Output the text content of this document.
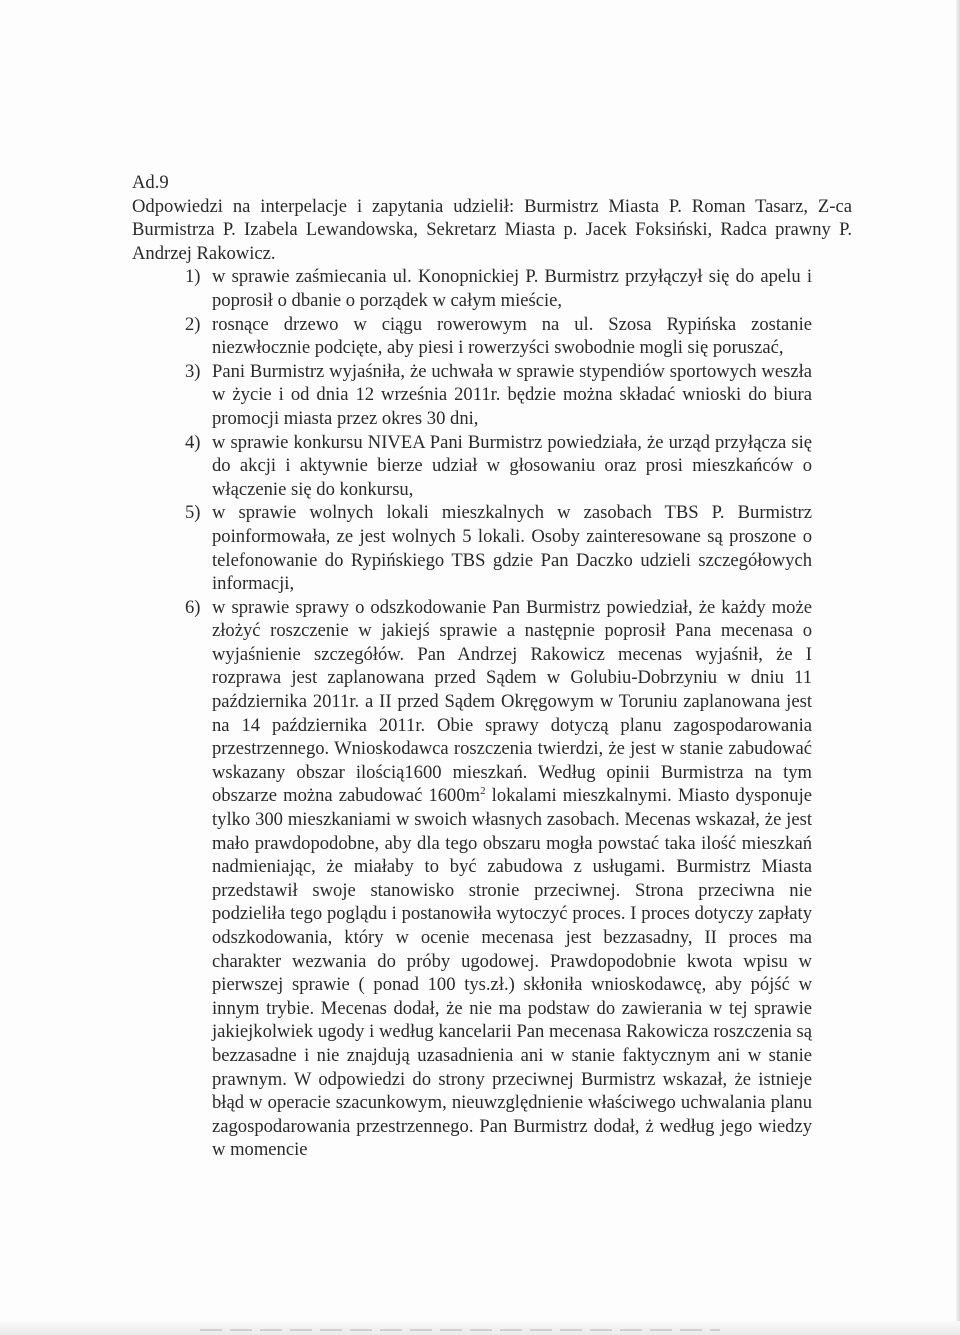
Ad.9

Odpowiedzi na interpelacje i zapytania udzielił: Burmistrz Miasta P. Roman Tasarz, Z-ca Burmistrza P. Izabela Lewandowska, Sekretarz Miasta p. Jacek Foksiński, Radca prawny P. Andrzej Rakowicz.

1) w sprawie zaśmiecania ul. Konopnickiej P. Burmistrz przyłączył się do apelu i poprosił o dbanie o porządek w całym mieście,
2) rosnące drzewo w ciągu rowerowym na ul. Szosa Rypińska zostanie niezwłocznie podcięte, aby piesi i rowerzyści swobodnie mogli się poruszać,
3) Pani Burmistrz wyjaśniła, że uchwała w sprawie stypendiów sportowych weszła w życie i od dnia 12 września 2011r. będzie można składać wnioski do biura promocji miasta przez okres 30 dni,
4) w sprawie konkursu NIVEA Pani Burmistrz powiedziała, że urząd przyłącza się do akcji i aktywnie bierze udział w głosowaniu oraz prosi mieszkańców o włączenie się do konkursu,
5) w sprawie wolnych lokali mieszkalnych w zasobach TBS P. Burmistrz poinformowała, ze jest wolnych 5 lokali. Osoby zainteresowane są proszone o telefonowanie do Rypińskiego TBS gdzie Pan Daczko udzieli szczegółowych informacji,
6) w sprawie sprawy o odszkodowanie Pan Burmistrz powiedział, że każdy może złożyć roszczenie w jakiejś sprawie a następnie poprosił Pana mecenasa o wyjaśnienie szczegółów. Pan Andrzej Rakowicz mecenas wyjaśnił, że I rozprawa jest zaplanowana przed Sądem w Golubiu-Dobrzyniu w dniu 11 października 2011r. a II przed Sądem Okręgowym w Toruniu zaplanowana jest na 14 października 2011r. Obie sprawy dotyczą planu zagospodarowania przestrzennego. Wnioskodawca roszczenia twierdzi, że jest w stanie zabudować wskazany obszar ilością1600 mieszkań. Według opinii Burmistrza na tym obszarze można zabudować $1600m^2$ lokalami mieszkalnymi. Miasto dysponuje tylko 300 mieszkaniami w swoich własnych zasobach. Mecenas wskazał, że jest mało prawdopodobne, aby dla tego obszaru mogła powstać taka ilość mieszkań nadmieniając, że miałaby to być zabudowa z usługami. Burmistrz Miasta przedstawił swoje stanowisko stronie przeciwnej. Strona przeciwna nie podzieliła tego poglądu i postanowiła wytoczyć proces. I proces dotyczy zapłaty odszkodowania, który w ocenie mecenasa jest bezzasadny, II proces ma charakter wezwania do próby ugodowej. Prawdopodobnie kwota wpisu w pierwszej sprawie ( ponad 100 tys.zł.) skłoniła wnioskodawcę, aby pójść w innym trybie. Mecenas dodał, że nie ma podstaw do zawierania w tej sprawie jakiejkolwiek ugody i według kancelarii Pan mecenasa Rakowicza roszczenia są bezzasadne i nie znajdują uzasadnienia ani w stanie faktycznym ani w stanie prawnym. W odpowiedzi do strony przeciwnej Burmistrz wskazał, że istnieje błąd w operacie szacunkowym, nieuwzględnienie właściwego uchwalania planu zagospodarowania przestrzennego. Pan Burmistrz dodał, ż według jego wiedzy w momencie
